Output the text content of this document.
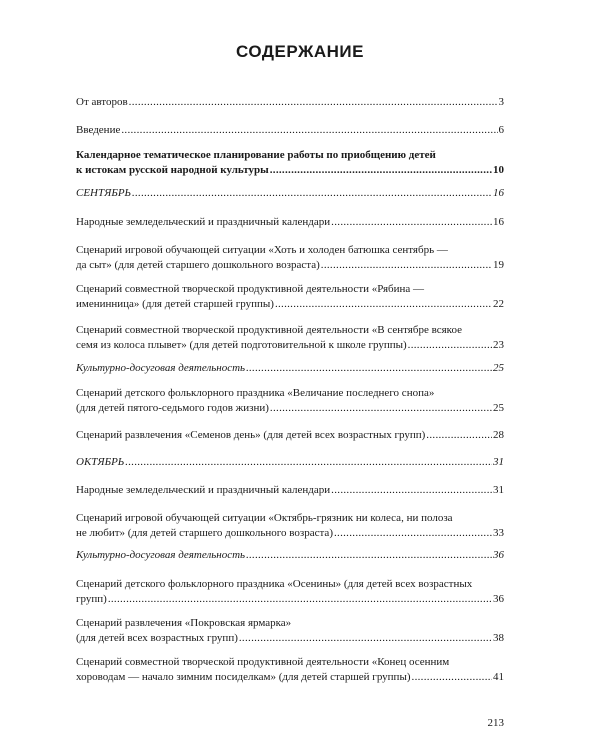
СОДЕРЖАНИЕ
От авторов .....	3
Введение .....	6
Календарное тематическое планирование работы по приобщению детей
к истокам русской народной культуры .....	10
СЕНТЯБРЬ .....	16
Народные земледельческий и праздничный календари .....	16
Сценарий игровой обучающей ситуации «Хоть и холоден батюшка сентябрь —
да сыт» (для детей старшего дошкольного возраста) .....	19
Сценарий совместной творческой продуктивной деятельности «Рябина —
именинница» (для детей старшей группы) .....	22
Сценарий совместной творческой продуктивной деятельности «В сентябре всякое
семя из колоса плывет» (для детей подготовительной к школе группы) .....	23
Культурно-досуговая деятельность .....	25
Сценарий детского фольклорного праздника «Величание последнего снопа»
(для детей пятого-седьмого годов жизни) .....	25
Сценарий развлечения «Семенов день» (для детей всех возрастных групп) .....	28
ОКТЯБРЬ .....	31
Народные земледельческий и праздничный календари .....	31
Сценарий игровой обучающей ситуации «Октябрь-грязник ни колеса, ни полоза
не любит» (для детей старшего дошкольного возраста) .....	33
Культурно-досуговая деятельность .....	36
Сценарий детского фольклорного праздника «Осенины» (для детей всех возрастных
групп) .....	36
Сценарий развлечения «Покровская ярмарка»
(для детей всех возрастных групп) .....	38
Сценарий совместной творческой продуктивной деятельности «Конец осенним
хороводам — начало зимним посиделкам» (для детей старшей группы) .....	41
213
